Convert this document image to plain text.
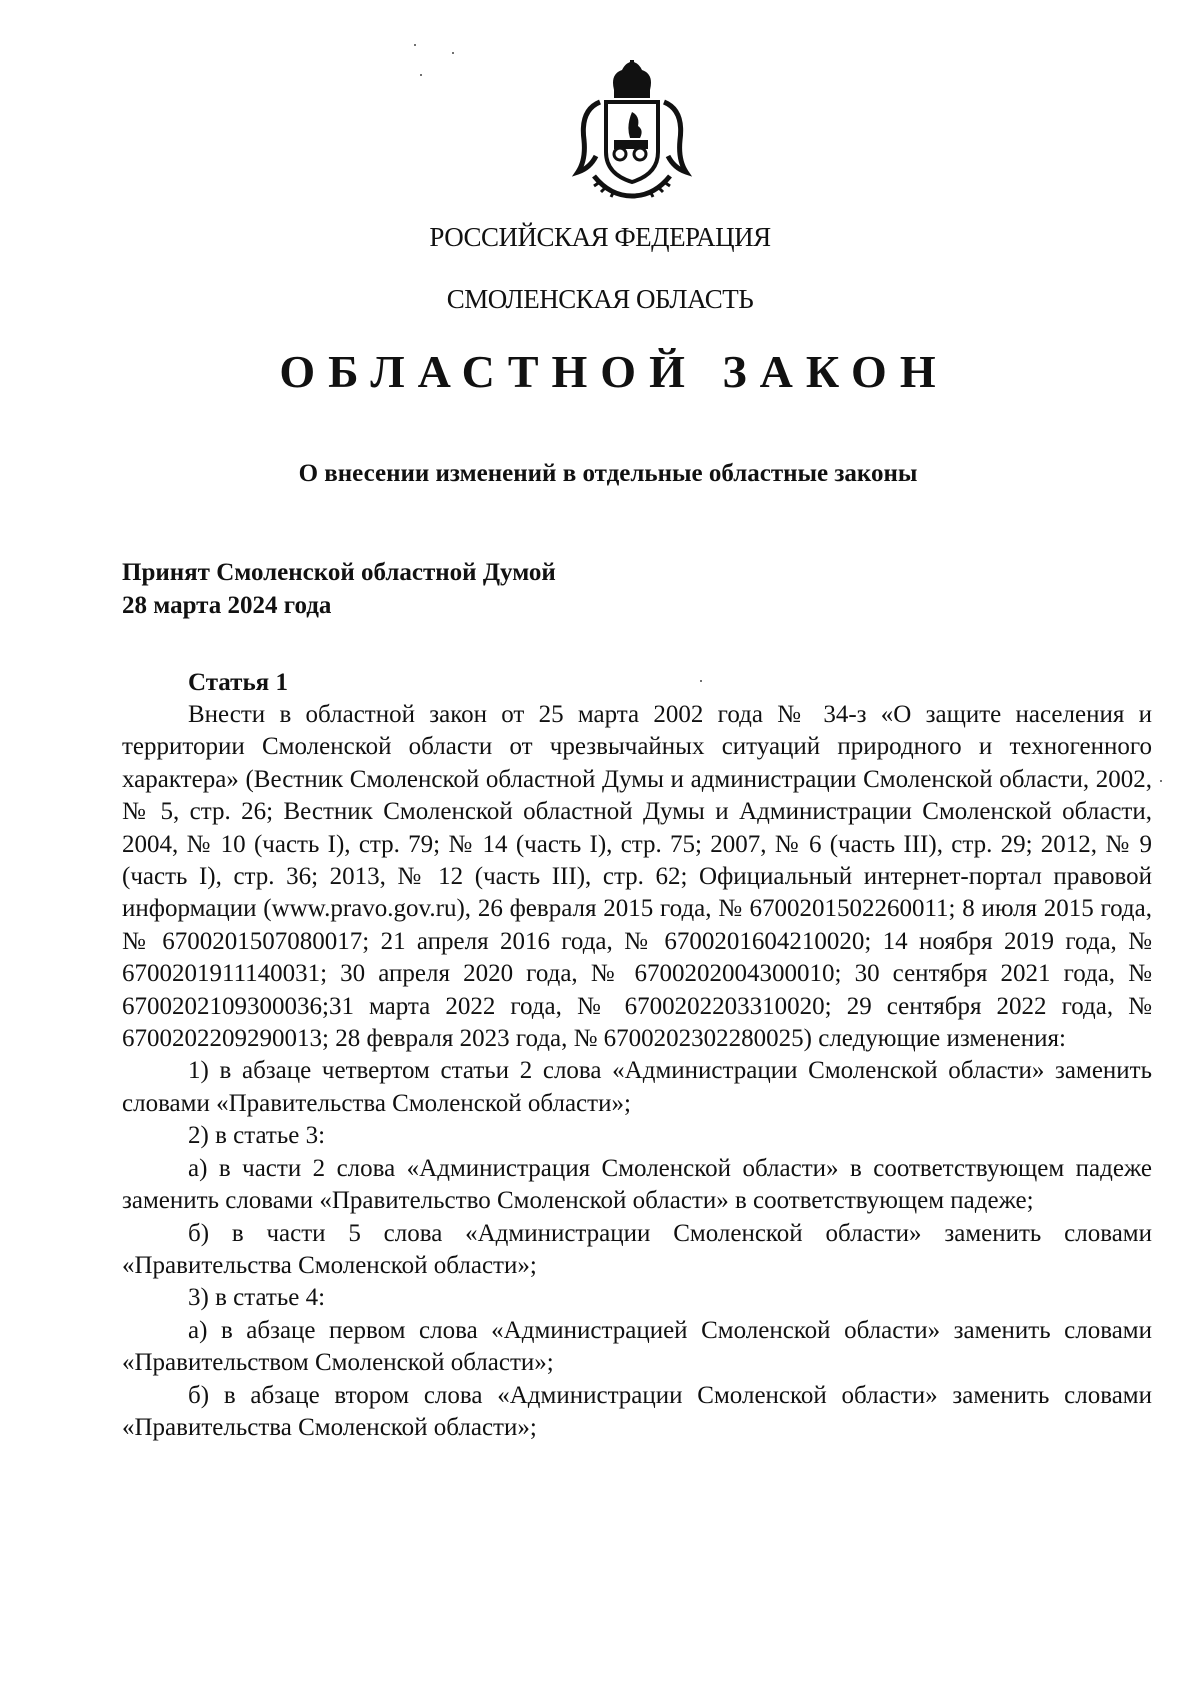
РОССИЙСКАЯ ФЕДЕРАЦИЯ
СМОЛЕНСКАЯ ОБЛАСТЬ
ОБЛАСТНОЙ ЗАКОН
О внесении изменений в отдельные областные законы
Принят Смоленской областной Думой
28 марта 2024 года
Статья 1

Внести в областной закон от 25 марта 2002 года № 34-з «О защите населения и территории Смоленской области от чрезвычайных ситуаций природного и техногенного характера» (Вестник Смоленской областной Думы и администрации Смоленской области, 2002, № 5, стр. 26; Вестник Смоленской областной Думы и Администрации Смоленской области, 2004, № 10 (часть I), стр. 79; № 14 (часть I), стр. 75; 2007, № 6 (часть III), стр. 29; 2012, № 9 (часть I), стр. 36; 2013, № 12 (часть III), стр. 62; Официальный интернет-портал правовой информации (www.pravo.gov.ru), 26 февраля 2015 года, № 6700201502260011; 8 июля 2015 года, № 6700201507080017; 21 апреля 2016 года, № 6700201604210020; 14 ноября 2019 года, № 6700201911140031; 30 апреля 2020 года, № 6700202004300010; 30 сентября 2021 года, № 6700202109300036;31 марта 2022 года, № 6700202203310020; 29 сентября 2022 года, № 6700202209290013; 28 февраля 2023 года, № 6700202302280025) следующие изменения:

1) в абзаце четвертом статьи 2 слова «Администрации Смоленской области» заменить словами «Правительства Смоленской области»;

2) в статье 3:

а) в части 2 слова «Администрация Смоленской области» в соответствующем падеже заменить словами «Правительство Смоленской области» в соответствующем падеже;

б) в части 5 слова «Администрации Смоленской области» заменить словами «Правительства Смоленской области»;

3) в статье 4:

а) в абзаце первом слова «Администрацией Смоленской области» заменить словами «Правительством Смоленской области»;

б) в абзаце втором слова «Администрации Смоленской области» заменить словами «Правительства Смоленской области»;
